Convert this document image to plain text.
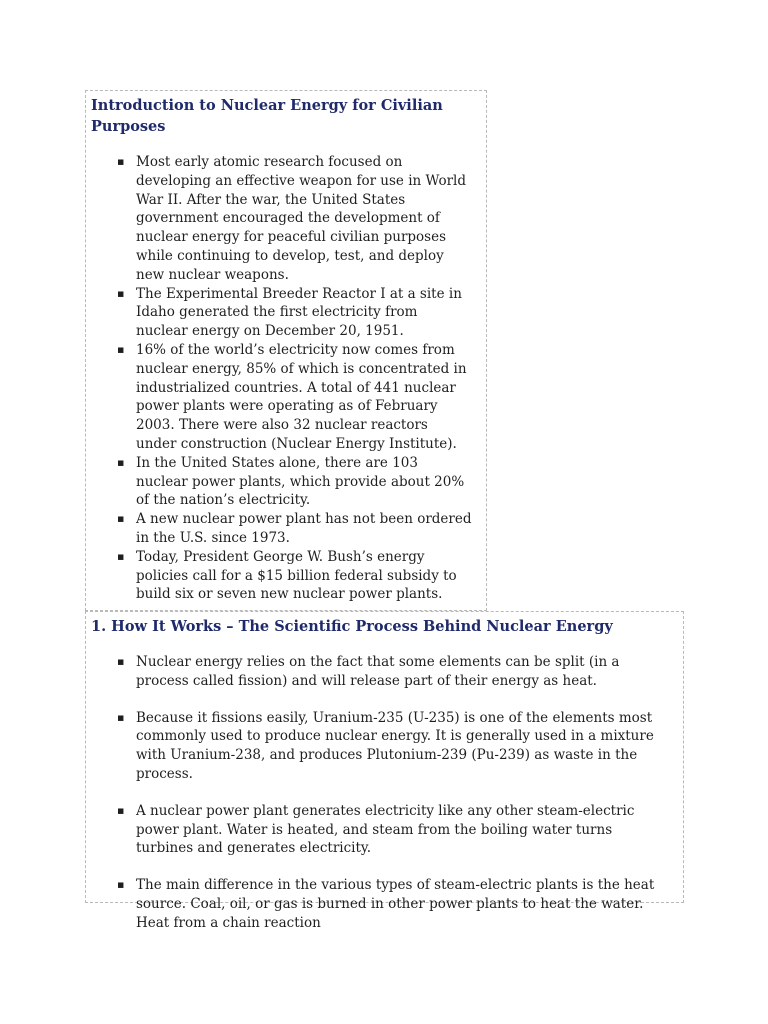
Introduction to Nuclear Energy for Civilian Purposes
▪ Most early atomic research focused on developing an effective weapon for use in World War II. After the war, the United States government encouraged the development of nuclear energy for peaceful civilian purposes while continuing to develop, test, and deploy new nuclear weapons.
▪ The Experimental Breeder Reactor I at a site in Idaho generated the first electricity from nuclear energy on December 20, 1951.
▪ 16% of the world’s electricity now comes from nuclear energy, 85% of which is concentrated in industrialized countries. A total of 441 nuclear power plants were operating as of February 2003. There were also 32 nuclear reactors under construction (Nuclear Energy Institute).
▪ In the United States alone, there are 103 nuclear power plants, which provide about 20% of the nation’s electricity.
▪ A new nuclear power plant has not been ordered in the U.S. since 1973.
▪ Today, President George W. Bush’s energy policies call for a $15 billion federal subsidy to build six or seven new nuclear power plants.
1. How It Works – The Scientific Process Behind Nuclear Energy
▪ Nuclear energy relies on the fact that some elements can be split (in a process called fission) and will release part of their energy as heat.
▪ Because it fissions easily, Uranium-235 (U-235) is one of the elements most commonly used to produce nuclear energy. It is generally used in a mixture with Uranium-238, and produces Plutonium-239 (Pu-239) as waste in the process.
▪ A nuclear power plant generates electricity like any other steam-electric power plant. Water is heated, and steam from the boiling water turns turbines and generates electricity.
▪ The main difference in the various types of steam-electric plants is the heat source. Coal, oil, or gas is burned in other power plants to heat the water. Heat from a chain reaction
